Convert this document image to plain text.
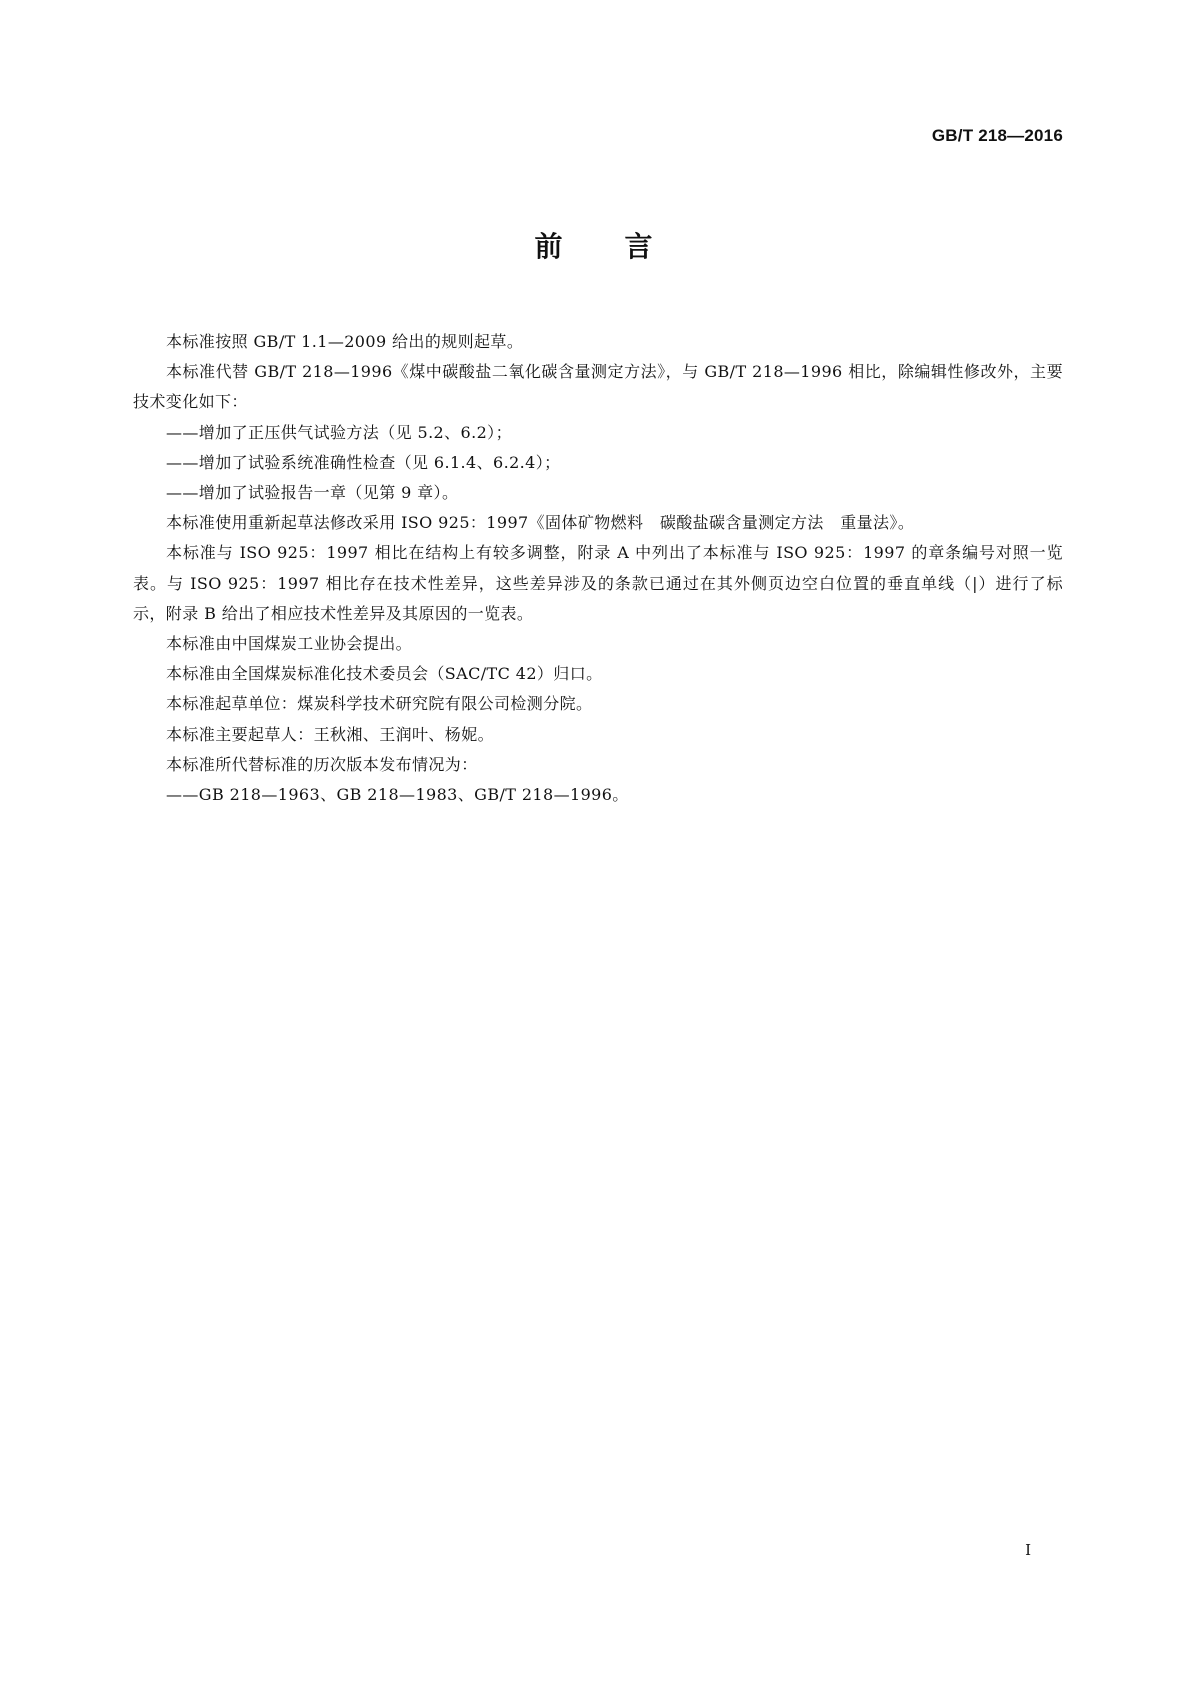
GB/T 218—2016
前 言

本标准按照 GB/T 1.1—2009 给出的规则起草。

本标准代替 GB/T 218—1996《煤中碳酸盐二氧化碳含量测定方法》，与 GB/T 218—1996 相比，除编辑性修改外，主要技术变化如下：

——增加了正压供气试验方法（见 5.2、6.2）；

——增加了试验系统准确性检查（见 6.1.4、6.2.4）；

——增加了试验报告一章（见第 9 章）。

本标准使用重新起草法修改采用 ISO 925：1997《固体矿物燃料　碳酸盐碳含量测定方法　重量法》。

本标准与 ISO 925：1997 相比在结构上有较多调整，附录 A 中列出了本标准与 ISO 925：1997 的章条编号对照一览表。与 ISO 925：1997 相比存在技术性差异，这些差异涉及的条款已通过在其外侧页边空白位置的垂直单线（|）进行了标示，附录 B 给出了相应技术性差异及其原因的一览表。

本标准由中国煤炭工业协会提出。

本标准由全国煤炭标准化技术委员会（SAC/TC 42）归口。

本标准起草单位：煤炭科学技术研究院有限公司检测分院。

本标准主要起草人：王秋湘、王润叶、杨妮。

本标准所代替标准的历次版本发布情况为：

——GB 218—1963、GB 218—1983、GB/T 218—1996。

I
